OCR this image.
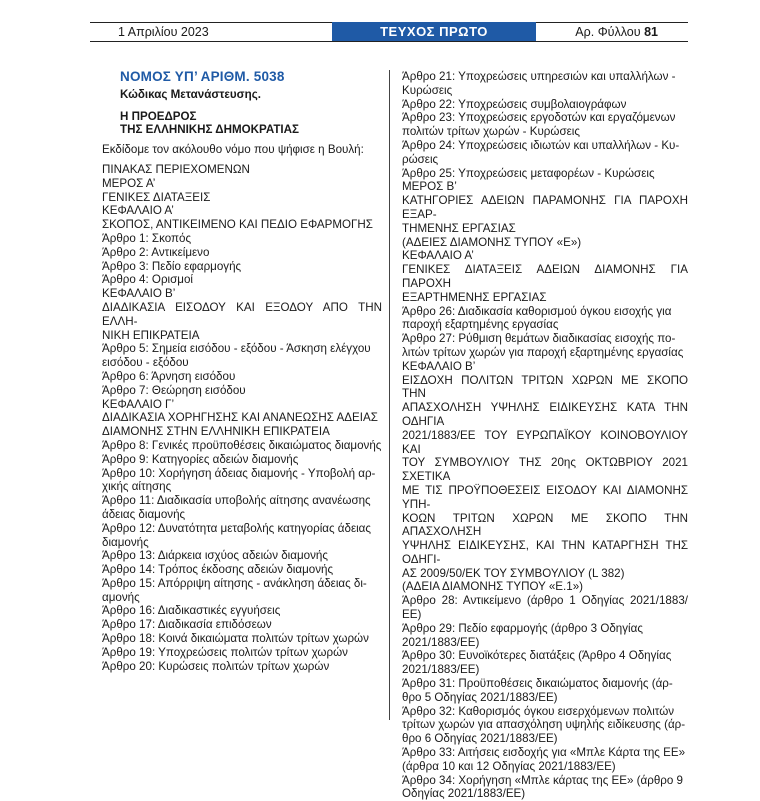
1 Απριλίου 2023	ΤΕΥΧΟΣ ΠΡΩΤΟ	Αρ. Φύλλου 81
ΝΟΜΟΣ ΥΠ’ ΑΡΙΘΜ. 5038
Κώδικας Μετανάστευσης.
Η ΠΡΟΕΔΡΟΣ
ΤΗΣ ΕΛΛΗΝΙΚΗΣ ΔΗΜΟΚΡΑΤΙΑΣ
Εκδίδομε τον ακόλουθο νόμο που ψήφισε η Βουλή:
ΠΙΝΑΚΑΣ ΠΕΡΙΕΧΟΜΕΝΩΝ
ΜΕΡΟΣ Α’
ΓΕΝΙΚΕΣ ΔΙΑΤΑΞΕΙΣ
ΚΕΦΑΛΑΙΟ Α’
ΣΚΟΠΟΣ, ΑΝΤΙΚΕΙΜΕΝΟ ΚΑΙ ΠΕΔΙΟ ΕΦΑΡΜΟΓΗΣ
Άρθρο 1: Σκοπός
Άρθρο 2: Αντικείμενο
Άρθρο 3: Πεδίο εφαρμογής
Άρθρο 4: Ορισμοί
ΚΕΦΑΛΑΙΟ Β’
ΔΙΑΔΙΚΑΣΙΑ ΕΙΣΟΔΟΥ ΚΑΙ ΕΞΟΔΟΥ ΑΠΟ ΤΗΝ ΕΛΛΗ-
ΝΙΚΗ ΕΠΙΚΡΑΤΕΙΑ
Άρθρο 5: Σημεία εισόδου - εξόδου - Άσκηση ελέγχου
εισόδου - εξόδου
Άρθρο 6: Άρνηση εισόδου
Άρθρο 7: Θεώρηση εισόδου
ΚΕΦΑΛΑΙΟ Γ’
ΔΙΑΔΙΚΑΣΙΑ ΧΟΡΗΓΗΣΗΣ ΚΑΙ ΑΝΑΝΕΩΣΗΣ ΑΔΕΙΑΣ
ΔΙΑΜΟΝΗΣ ΣΤΗΝ ΕΛΛΗΝΙΚΗ ΕΠΙΚΡΑΤΕΙΑ
Άρθρο 8: Γενικές προϋποθέσεις δικαιώματος διαμονής
Άρθρο 9: Κατηγορίες αδειών διαμονής
Άρθρο 10: Χορήγηση άδειας διαμονής - Υποβολή αρ-
χικής αίτησης
Άρθρο 11: Διαδικασία υποβολής αίτησης ανανέωσης
άδειας διαμονής
Άρθρο 12: Δυνατότητα μεταβολής κατηγορίας άδειας
διαμονής
Άρθρο 13: Διάρκεια ισχύος αδειών διαμονής
Άρθρο 14: Τρόπος έκδοσης αδειών διαμονής
Άρθρο 15: Απόρριψη αίτησης - ανάκληση άδειας δι-
αμονής
Άρθρο 16: Διαδικαστικές εγγυήσεις
Άρθρο 17: Διαδικασία επιδόσεων
Άρθρο 18: Κοινά δικαιώματα πολιτών τρίτων χωρών
Άρθρο 19: Υποχρεώσεις πολιτών τρίτων χωρών
Άρθρο 20: Κυρώσεις πολιτών τρίτων χωρών
Άρθρο 21: Υποχρεώσεις υπηρεσιών και υπαλλήλων -
Κυρώσεις
Άρθρο 22: Υποχρεώσεις συμβολαιογράφων
Άρθρο 23: Υποχρεώσεις εργοδοτών και εργαζόμενων
πολιτών τρίτων χωρών - Κυρώσεις
Άρθρο 24: Υποχρεώσεις ιδιωτών και υπαλλήλων - Κυ-
ρώσεις
Άρθρο 25: Υποχρεώσεις μεταφορέων - Κυρώσεις
ΜΕΡΟΣ Β’
ΚΑΤΗΓΟΡΙΕΣ ΑΔΕΙΩΝ ΠΑΡΑΜΟΝΗΣ ΓΙΑ ΠΑΡΟΧΗ ΕΞΑΡ-
ΤΗΜΕΝΗΣ ΕΡΓΑΣΙΑΣ
(ΑΔΕΙΕΣ ΔΙΑΜΟΝΗΣ ΤΥΠΟΥ «Ε»)
ΚΕΦΑΛΑΙΟ Α’
ΓΕΝΙΚΕΣ ΔΙΑΤΑΞΕΙΣ ΑΔΕΙΩΝ ΔΙΑΜΟΝΗΣ ΓΙΑ ΠΑΡΟΧΗ
ΕΞΑΡΤΗΜΕΝΗΣ ΕΡΓΑΣΙΑΣ
Άρθρο 26: Διαδικασία καθορισμού όγκου εισοχής για
παροχή εξαρτημένης εργασίας
Άρθρο 27: Ρύθμιση θεμάτων διαδικασίας εισοχής πο-
λιτών τρίτων χωρών για παροχή εξαρτημένης εργασίας
ΚΕΦΑΛΑΙΟ Β’
ΕΙΣΔΟΧΗ ΠΟΛΙΤΩΝ ΤΡΙΤΩΝ ΧΩΡΩΝ ΜΕ ΣΚΟΠΟ ΤΗΝ
ΑΠΑΣΧΟΛΗΣΗ ΥΨΗΛΗΣ ΕΙΔΙΚΕΥΣΗΣ ΚΑΤΑ ΤΗΝ ΟΔΗΓΙΑ
2021/1883/ΕΕ ΤΟΥ ΕΥΡΩΠΑΪΚΟΥ ΚΟΙΝΟΒΟΥΛΙΟΥ ΚΑΙ
ΤΟΥ ΣΥΜΒΟΥΛΙΟΥ ΤΗΣ 20ης ΟΚΤΩΒΡΙΟΥ 2021 ΣΧΕΤΙΚΑ
ΜΕ ΤΙΣ ΠΡΟΫΠΟΘΕΣΕΙΣ ΕΙΣΟΔΟΥ ΚΑΙ ΔΙΑΜΟΝΗΣ ΥΠΗ-
ΚΟΩΝ ΤΡΙΤΩΝ ΧΩΡΩΝ ΜΕ ΣΚΟΠΟ ΤΗΝ ΑΠΑΣΧΟΛΗΣΗ
ΥΨΗΛΗΣ ΕΙΔΙΚΕΥΣΗΣ, ΚΑΙ ΤΗΝ ΚΑΤΑΡΓΗΣΗ ΤΗΣ ΟΔΗΓΙ-
ΑΣ 2009/50/ΕΚ ΤΟΥ ΣΥΜΒΟΥΛΙΟΥ (L 382)
(ΑΔΕΙΑ ΔΙΑΜΟΝΗΣ ΤΥΠΟΥ «Ε.1»)
Άρθρο 28: Αντικείμενο (άρθρο 1 Οδηγίας 2021/1883/ΕΕ)
Άρθρο 29: Πεδίο εφαρμογής (άρθρο 3 Οδηγίας
2021/1883/ΕΕ)
Άρθρο 30: Ευνοϊκότερες διατάξεις (Άρθρο 4 Οδηγίας
2021/1883/ΕΕ)
Άρθρο 31: Προϋποθέσεις δικαιώματος διαμονής (άρ-
θρο 5 Οδηγίας 2021/1883/ΕΕ)
Άρθρο 32: Καθορισμός όγκου εισερχόμενων πολιτών
τρίτων χωρών για απασχόληση υψηλής ειδίκευσης (άρ-
θρο 6 Οδηγίας 2021/1883/ΕΕ)
Άρθρο 33: Αιτήσεις εισδοχής για «Μπλε Κάρτα της ΕΕ»
(άρθρα 10 και 12 Οδηγίας 2021/1883/ΕΕ)
Άρθρο 34: Χορήγηση «Μπλε κάρτας της ΕΕ» (άρθρο 9
Οδηγίας 2021/1883/ΕΕ)
